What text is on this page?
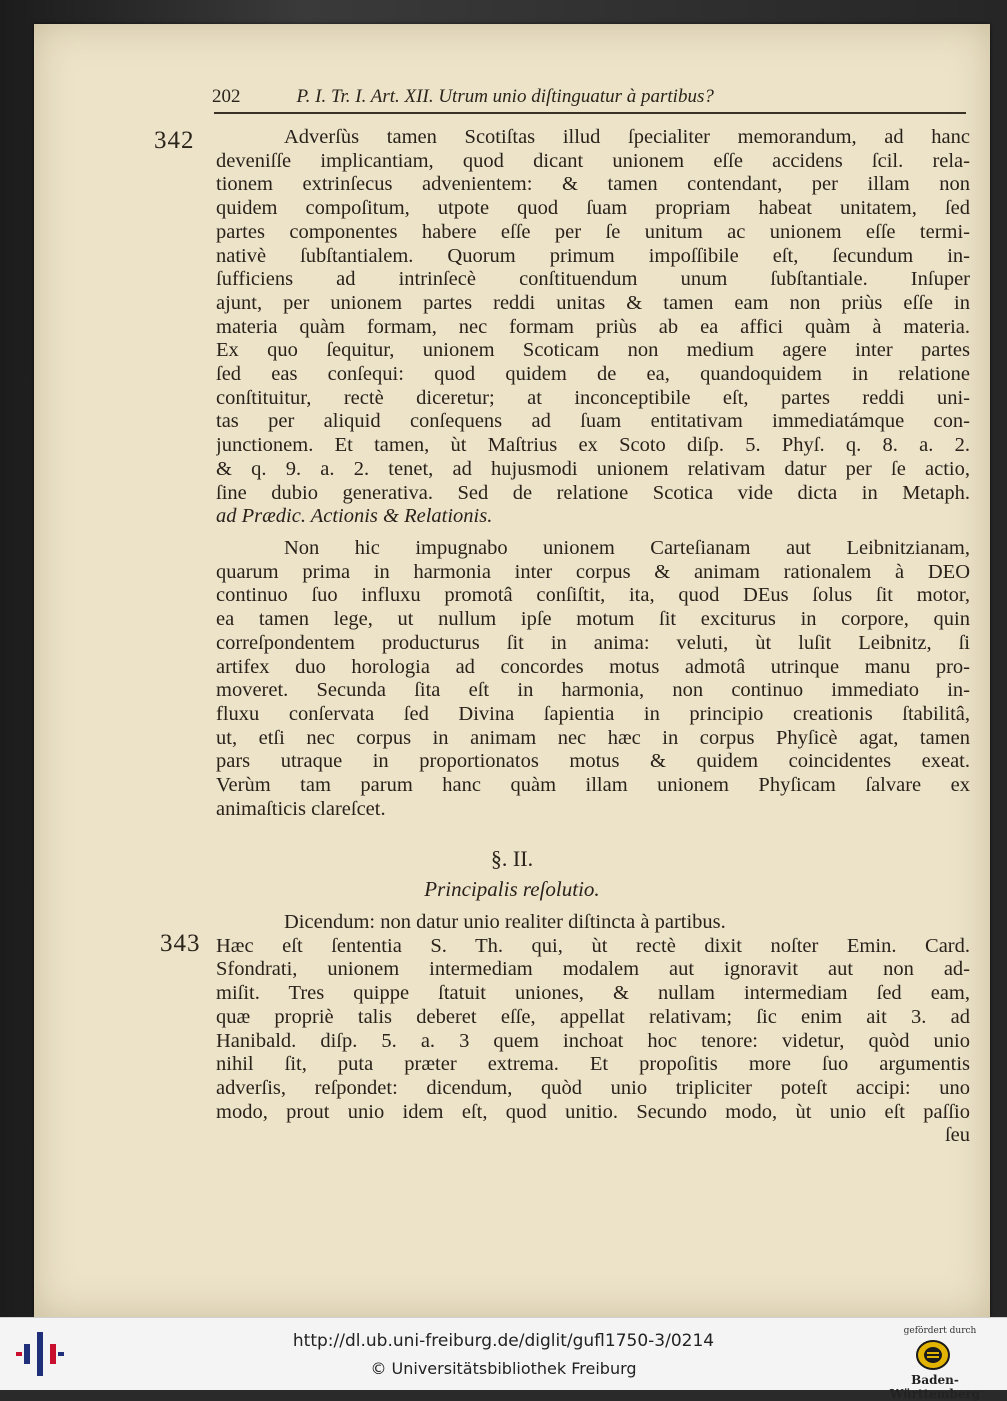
202	P. I. Tr. I. Art. XII. Utrum unio diſtinguatur à partibus?
342	Adverſùs tamen Scotiſtas illud ſpecialiter memorandum, ad hanc
deveniſſe implicantiam, quod dicant unionem eſſe accidens ſcil. rela-
tionem extrinſecus advenientem: & tamen contendant, per illam non
quidem compoſitum, utpote quod ſuam propriam habeat unitatem, ſed
partes componentes habere eſſe per ſe unitum ac unionem eſſe termi-
nativè ſubſtantialem. Quorum primum impoſſibile eſt, ſecundum in-
ſufficiens ad intrinſecè conſtituendum unum ſubſtantiale. Inſuper
ajunt, per unionem partes reddi unitas & tamen eam non priùs eſſe in
materia quàm formam, nec formam priùs ab ea affici quàm à materia.
Ex quo ſequitur, unionem Scoticam non medium agere inter partes
ſed eas conſequi: quod quidem de ea, quandoquidem in relatione
conſtituitur, rectè diceretur; at inconceptibile eſt, partes reddi uni-
tas per aliquid conſequens ad ſuam entitativam immediatámque con-
junctionem. Et tamen, ùt Maſtrius ex Scoto diſp. 5. Phyſ. q. 8. a. 2.
& q. 9. a. 2. tenet, ad hujusmodi unionem relativam datur per ſe actio,
ſine dubio generativa. Sed de relatione Scotica vide dicta in Metaph.
ad Prædic. Actionis & Relationis.
Non hic impugnabo unionem Carteſianam aut Leibnitzianam,
quarum prima in harmonia inter corpus & animam rationalem à DEO
continuo ſuo influxu promotâ conſiſtit, ita, quod DEus ſolus ſit motor,
ea tamen lege, ut nullum ipſe motum ſit exciturus in corpore, quin
correſpondentem producturus ſit in anima: veluti, ùt luſit Leibnitz, ſi
artifex duo horologia ad concordes motus admotâ utrinque manu pro-
moveret. Secunda ſita eſt in harmonia, non continuo immediato in-
fluxu conſervata ſed Divina ſapientia in principio creationis ſtabilitâ,
ut, etſi nec corpus in animam nec hæc in corpus Phyſicè agat, tamen
pars utraque in proportionatos motus & quidem coincidentes exeat.
Verùm tam parum hanc quàm illam unionem Phyſicam ſalvare ex
animaſticis clareſcet.
Dicendum: non datur unio realiter diſtincta à partibus.
Hæc eſt ſententia S. Th. qui, ùt rectè dixit noſter Emin. Card.
Sfondrati, unionem intermediam modalem aut ignoravit aut non ad-
miſit. Tres quippe ſtatuit uniones, & nullam intermediam ſed eam,
quæ propriè talis deberet eſſe, appellat relativam; ſic enim ait 3. ad
Hanibald. diſp. 5. a. 3 quem inchoat hoc tenore: videtur, quòd unio
nihil ſit, puta præter extrema. Et propoſitis more ſuo argumentis
adverſis, reſpondet: dicendum, quòd unio tripliciter poteſt accipi: uno
modo, prout unio idem eſt, quod unitio. Secundo modo, ùt unio eſt paſſio
ſeu
§. II.
Principalis reſolutio.
343
http://dl.ub.uni-freiburg.de/diglit/gufl1750-3/0214
© Universitätsbibliothek Freiburg
gefördert durch
Baden-Württemberg
